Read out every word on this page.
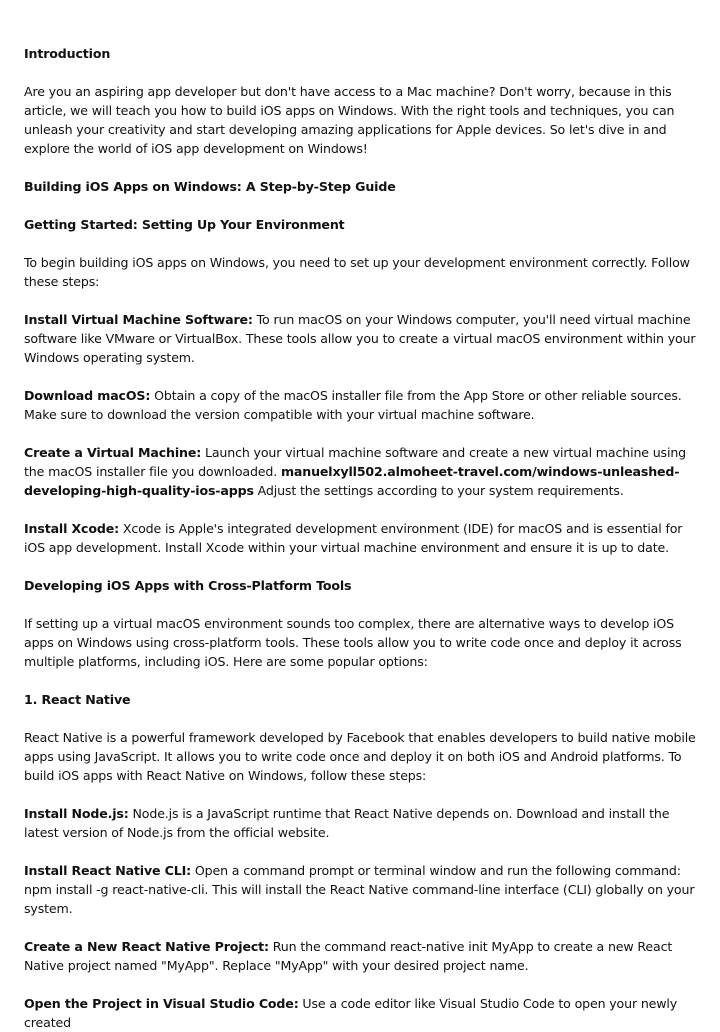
Introduction

Are you an aspiring app developer but don't have access to a Mac machine? Don't worry, because in this article, we will teach you how to build iOS apps on Windows. With the right tools and techniques, you can unleash your creativity and start developing amazing applications for Apple devices. So let's dive in and explore the world of iOS app development on Windows!

Building iOS Apps on Windows: A Step-by-Step Guide

Getting Started: Setting Up Your Environment

To begin building iOS apps on Windows, you need to set up your development environment correctly. Follow these steps:

Install Virtual Machine Software: To run macOS on your Windows computer, you'll need virtual machine software like VMware or VirtualBox. These tools allow you to create a virtual macOS environment within your Windows operating system.

Download macOS: Obtain a copy of the macOS installer file from the App Store or other reliable sources. Make sure to download the version compatible with your virtual machine software.

Create a Virtual Machine: Launch your virtual machine software and create a new virtual machine using the macOS installer file you downloaded. manuelxyll502.almoheet-travel.com/windows-unleashed-developing-high-quality-ios-apps Adjust the settings according to your system requirements.

Install Xcode: Xcode is Apple's integrated development environment (IDE) for macOS and is essential for iOS app development. Install Xcode within your virtual machine environment and ensure it is up to date.

Developing iOS Apps with Cross-Platform Tools

If setting up a virtual macOS environment sounds too complex, there are alternative ways to develop iOS apps on Windows using cross-platform tools. These tools allow you to write code once and deploy it across multiple platforms, including iOS. Here are some popular options:

1. React Native

React Native is a powerful framework developed by Facebook that enables developers to build native mobile apps using JavaScript. It allows you to write code once and deploy it on both iOS and Android platforms. To build iOS apps with React Native on Windows, follow these steps:

Install Node.js: Node.js is a JavaScript runtime that React Native depends on. Download and install the latest version of Node.js from the official website.

Install React Native CLI: Open a command prompt or terminal window and run the following command: npm install -g react-native-cli. This will install the React Native command-line interface (CLI) globally on your system.

Create a New React Native Project: Run the command react-native init MyApp to create a new React Native project named "MyApp". Replace "MyApp" with your desired project name.

Open the Project in Visual Studio Code: Use a code editor like Visual Studio Code to open your newly created
